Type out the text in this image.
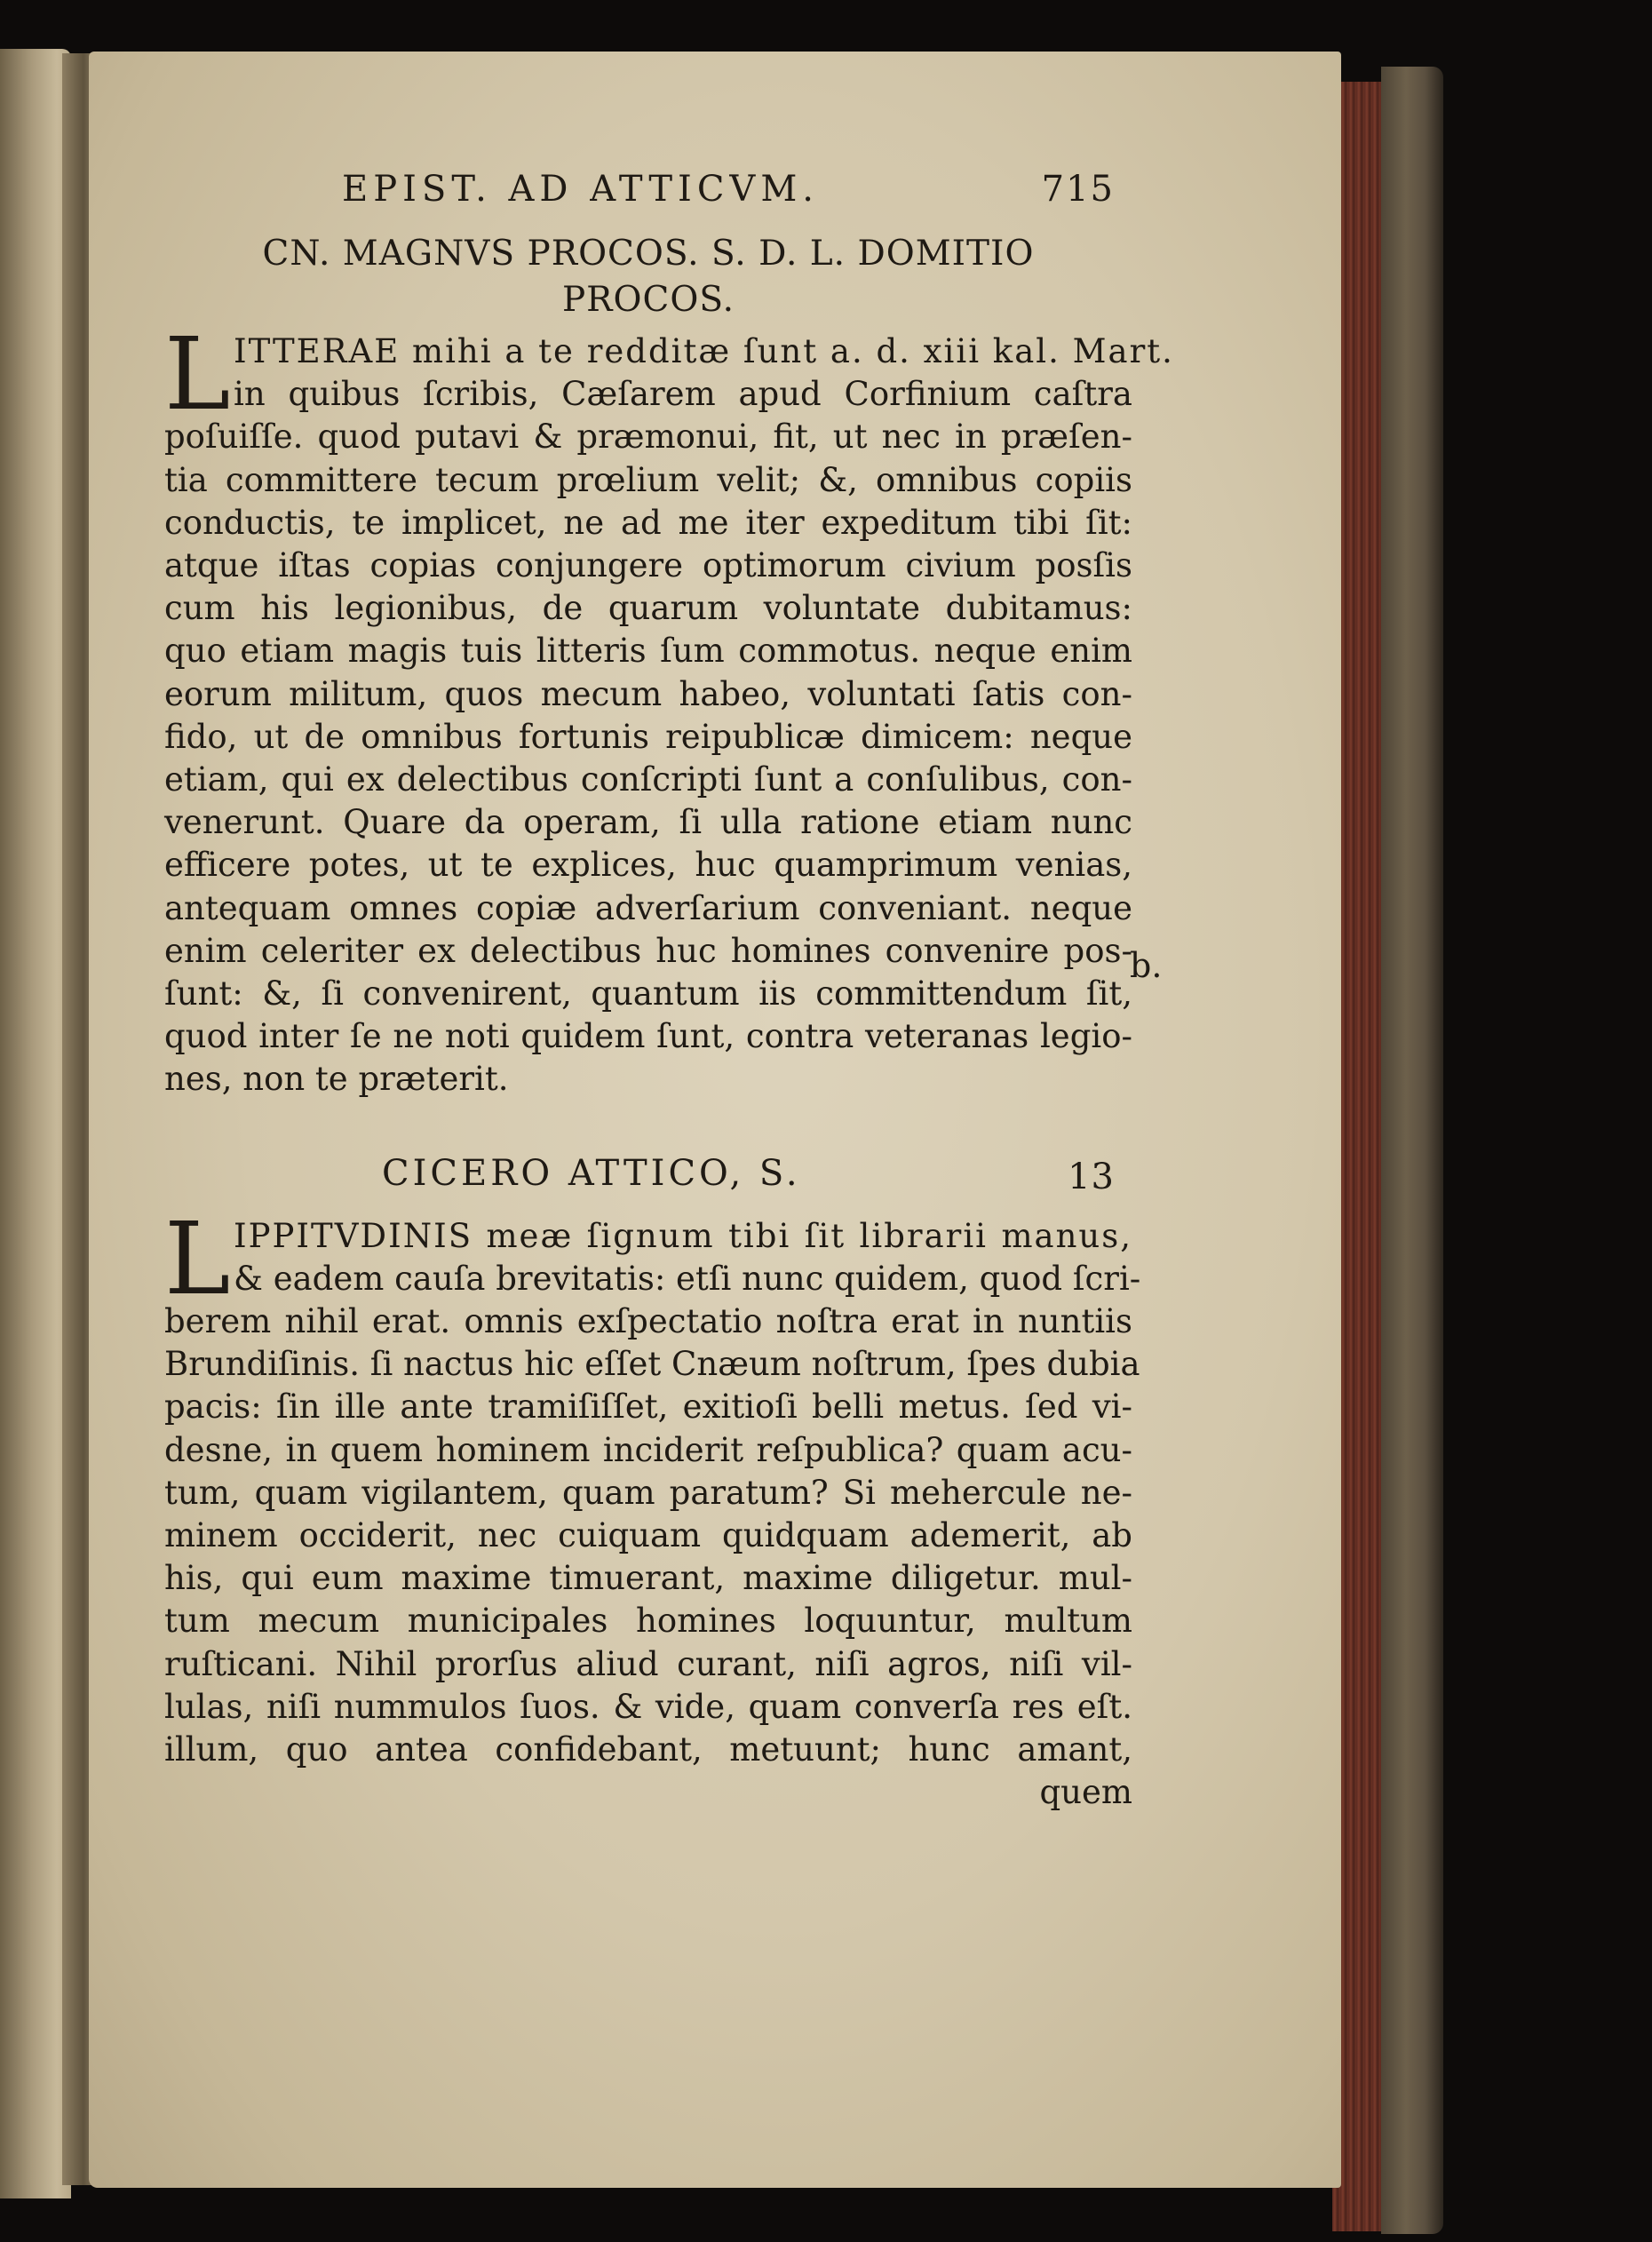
EPIST. AD ATTICVM.	715

CN. MAGNVS PROCOS. S. D. L. DOMITIO

PROCOS.

L ITTERAE mihi a te redditæ ſunt a. d. xiii kal. Mart.
in quibus ſcribis, Cæſarem apud Corfinium caſtra
poſuiſſe. quod putavi & præmonui, fit, ut nec in præſen-
tia committere tecum prœlium velit; &, omnibus copiis
conductis, te implicet, ne ad me iter expeditum tibi ſit:
atque iſtas copias conjungere optimorum civium posſis
cum his legionibus, de quarum voluntate dubitamus:
quo etiam magis tuis litteris ſum commotus. neque enim
eorum militum, quos mecum habeo, voluntati ſatis con-
fido, ut de omnibus fortunis reipublicæ dimicem: neque
etiam, qui ex delectibus conſcripti ſunt a conſulibus, con-
venerunt. Quare da operam, ſi ulla ratione etiam nunc
efficere potes, ut te explices, huc quamprimum venias,
antequam omnes copiæ adverſarium conveniant. neque
enim celeriter ex delectibus huc homines convenire pos-
ſunt: &, ſi convenirent, quantum iis committendum ſit,
quod inter ſe ne noti quidem ſunt, contra veteranas legio-
nes, non te præterit.
CICERO ATTICO, S.	13
L IPPITVDINIS meæ ſignum tibi ſit librarii manus,
& eadem cauſa brevitatis: etſi nunc quidem, quod ſcri-
berem nihil erat. omnis exſpectatio noſtra erat in nuntiis
Brundiſinis. ſi nactus hic eſſet Cnæum noſtrum, ſpes dubia
pacis: ſin ille ante tramiſiſſet, exitioſi belli metus. ſed vi-
desne, in quem hominem inciderit reſpublica? quam acu-
tum, quam vigilantem, quam paratum? Si mehercule ne-
minem occiderit, nec cuiquam quidquam ademerit, ab
his, qui eum maxime timuerant, maxime diligetur. mul-
tum mecum municipales homines loquuntur, multum
ruſticani. Nihil prorſus aliud curant, niſi agros, niſi vil-
lulas, niſi nummulos ſuos. & vide, quam converſa res eſt.
illum, quo antea confidebant, metuunt; hunc amant,
quem
b.
